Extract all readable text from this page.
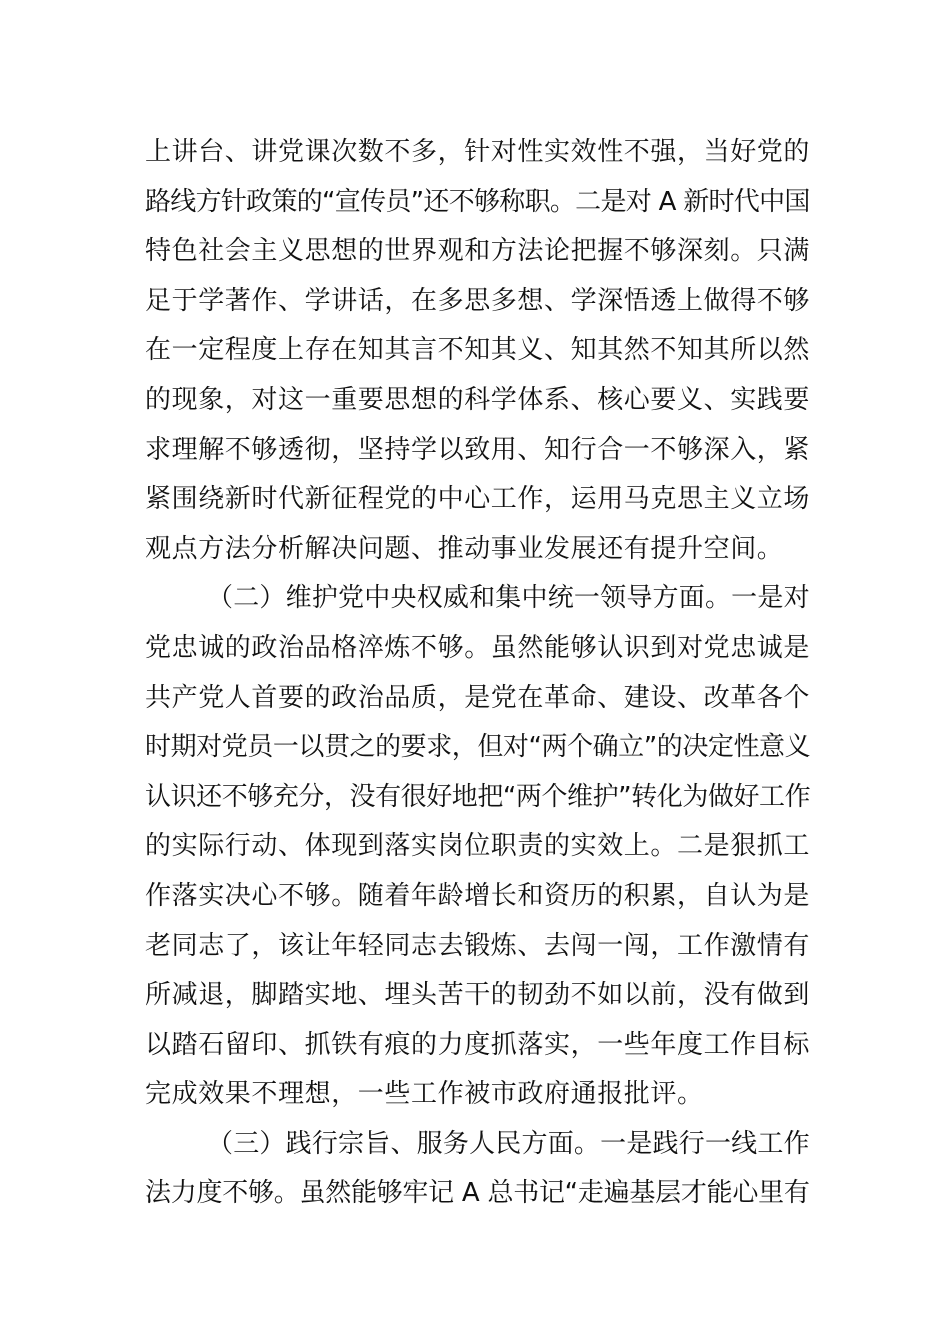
上讲台、讲党课次数不多，针对性实效性不强，当好党的
路线方针政策的“宣传员”还不够称职。二是对 A 新时代中国
特色社会主义思想的世界观和方法论把握不够深刻。只满
足于学著作、学讲话，在多思多想、学深悟透上做得不够
在一定程度上存在知其言不知其义、知其然不知其所以然
的现象，对这一重要思想的科学体系、核心要义、实践要
求理解不够透彻，坚持学以致用、知行合一不够深入，紧
紧围绕新时代新征程党的中心工作，运用马克思主义立场
观点方法分析解决问题、推动事业发展还有提升空间。
（二）维护党中央权威和集中统一领导方面。一是对
党忠诚的政治品格淬炼不够。虽然能够认识到对党忠诚是
共产党人首要的政治品质，是党在革命、建设、改革各个
时期对党员一以贯之的要求，但对“两个确立”的决定性意义
认识还不够充分，没有很好地把“两个维护”转化为做好工作
的实际行动、体现到落实岗位职责的实效上。二是狠抓工
作落实决心不够。随着年龄增长和资历的积累，自认为是
老同志了，该让年轻同志去锻炼、去闯一闯，工作激情有
所减退，脚踏实地、埋头苦干的韧劲不如以前，没有做到
以踏石留印、抓铁有痕的力度抓落实，一些年度工作目标
完成效果不理想，一些工作被市政府通报批评。
（三）践行宗旨、服务人民方面。一是践行一线工作
法力度不够。虽然能够牢记 A 总书记“走遍基层才能心里有
